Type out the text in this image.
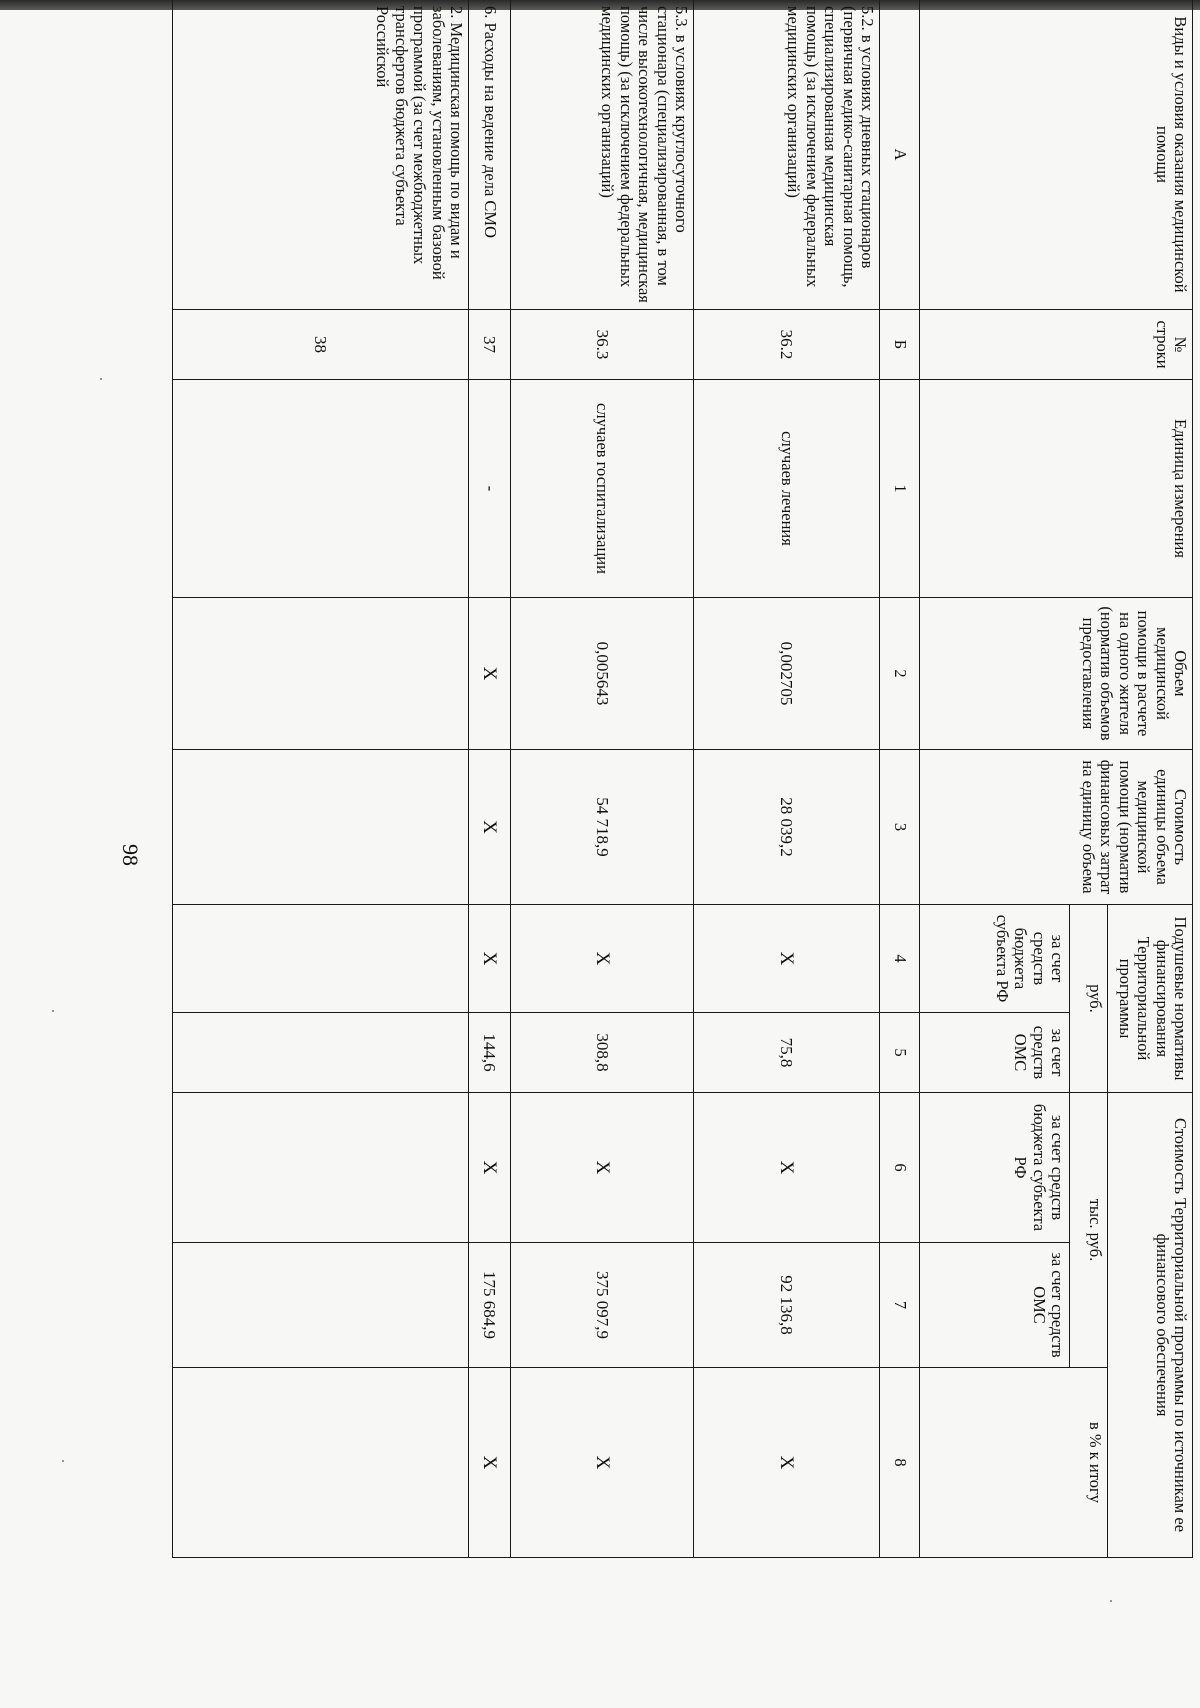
98
Виды и условия оказания медицинской помощи	№ строки	Единица измерения	Объем медицинской помощи в расчете на одного жителя (норматив объемов предоставления	Стоимость единицы объема медицинской помощи (норматив финансовых затрат на единицу объема	Подушевые нормативы финансирования Территориальной программы		Стоимость Территориальной программы по источникам ее финансового обеспечения		
					руб.		тыс. руб.		в % к итогу
					за счет средств бюджета субъекта РФ	за счет средств ОМС	за счет средств бюджета субъекта РФ	за счет средств ОМС	
А	Б	1	2	3	4	5	6	7	8
5.2. в условиях дневных стационаров (первичная медико-санитарная помощь, специализированная медицинская помощь) (за исключением федеральных медицинских организаций)	36.2	случаев лечения	0,002705	28 039,2	Х	75,8	Х	92 136,8	Х
5.3. в условиях круглосуточного стационара (специализированная, в том числе высокотехнологичная, медицинская помощь) (за исключением федеральных медицинских организаций)	36.3	случаев госпитализации	0,005643	54 718,9	Х	308,8	Х	375 097,9	Х
6. Расходы на ведение дела СМО	37	-	Х	Х	Х	144,6	Х	175 684,9	Х
2. Медицинская помощь по видам и заболеваниям, установленным базовой программой (за счет межбюджетных трансфертов бюджета субъекта Российской	38								
